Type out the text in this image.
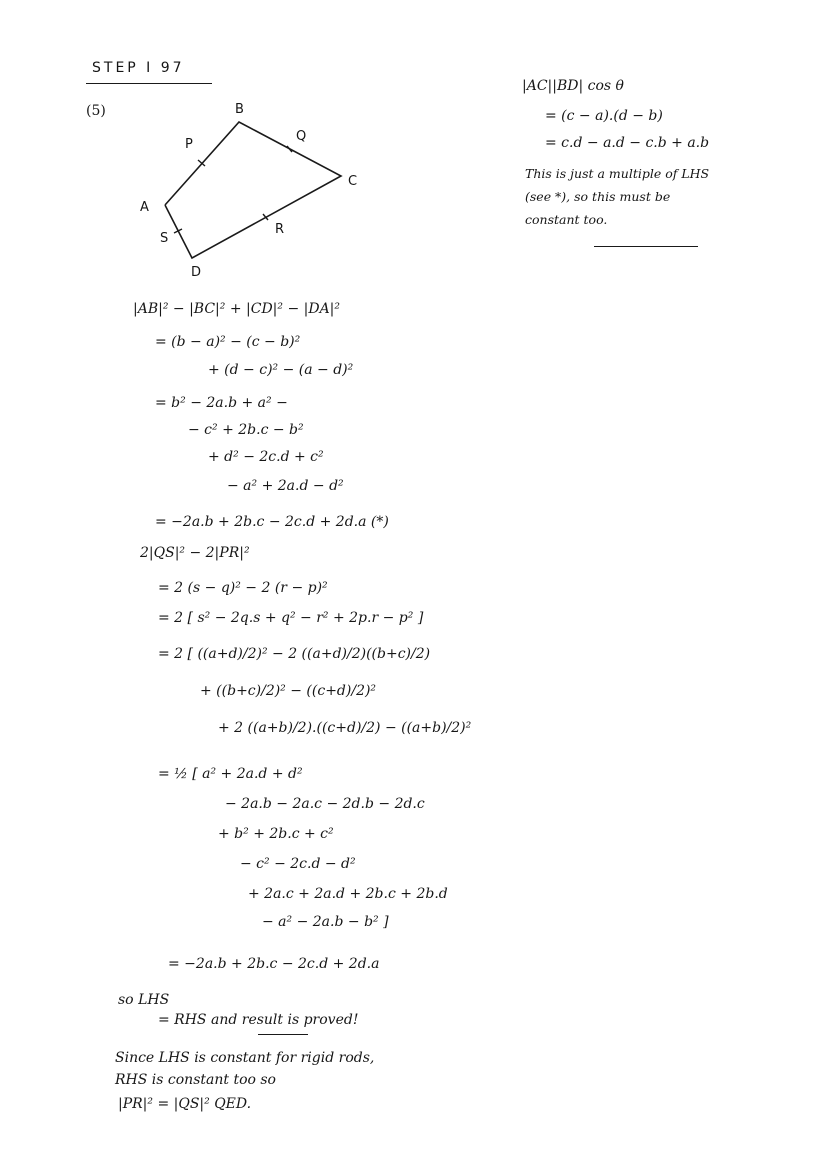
STEP I 97
(5)	B
A
C
D
P
Q
R
S
|AB|² − |BC|² + |CD|² − |DA|²
= (b − a)² − (c − b)²
+ (d − c)² − (a − d)²
= b² − 2a.b + a² −
− c² + 2b.c − b²
+ d² − 2c.d + c²
− a² + 2a.d − d²
= −2a.b + 2b.c − 2c.d + 2d.a (*)
2|QS|² − 2|PR|²
= 2 (s − q)² − 2 (r − p)²
= 2 [ s² − 2q.s + q² − r² + 2p.r − p² ]
= 2 [ ((a+d)/2)² − 2 ((a+d)/2)((b+c)/2)
+ ((b+c)/2)² − ((c+d)/2)²
+ 2 ((a+b)/2).((c+d)/2) − ((a+b)/2)²
= ½ [ a² + 2a.d + d²
− 2a.b − 2a.c − 2d.b − 2d.c
+ b² + 2b.c + c²
− c² − 2c.d − d²
+ 2a.c + 2a.d + 2b.c + 2b.d
− a² − 2a.b − b² ]
= −2a.b + 2b.c − 2c.d + 2d.a
so LHS
= RHS and result is proved!
Since LHS is constant for rigid rods,
RHS is constant too so
|PR|² = |QS|² QED.
|AC||BD| cos θ
= (c − a).(d − b)
= c.d − a.d − c.b + a.b
This is just a multiple of LHS
(see *), so this must be
constant too.
